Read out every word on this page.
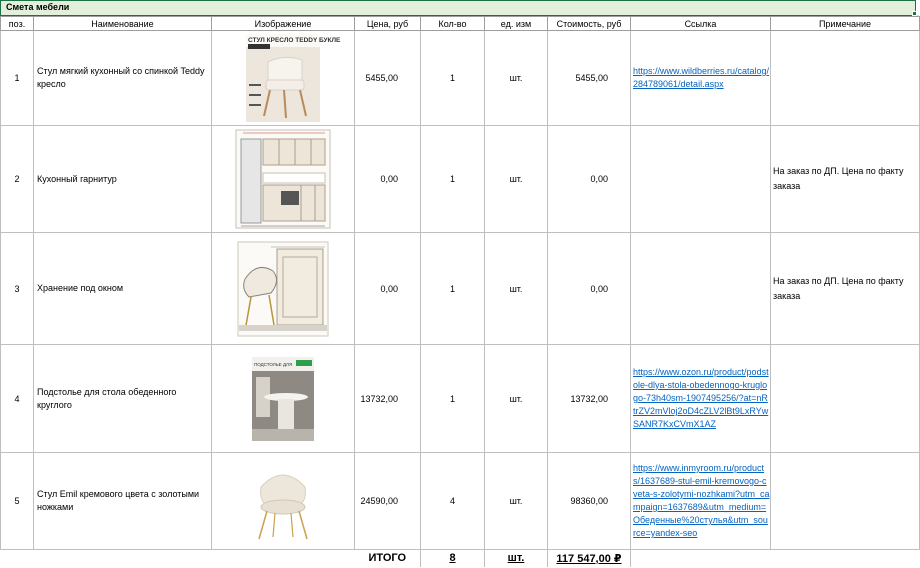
Смета мебели
поз.	Наименование	Изображение	Цена, руб	Кол-во	ед. изм	Стоимость, руб	Ссылка	Примечание
1	Стул мягкий кухонный со спинкой Teddy кресло	СТУЛ КРЕСЛО TEDDY БУКЛЕ	5455,00	1	шт.	5455,00	https://www.wildberries.ru/catalog/284789061/detail.aspx	
2	Кухонный гарнитур		0,00	1	шт.	0,00		На заказ по ДП. Цена по факту заказа
3	Хранение под окном		0,00	1	шт.	0,00		На заказ по ДП. Цена по факту заказа
4	Подстолье для стола обеденного круглого	ПОДСТОЛЬЕ ДЛЯ	13732,00	1	шт.	13732,00	https://www.ozon.ru/product/podstole-dlya-stola-obedennogo-kruglogo-73h40sm-1907495256/?at=nRtrZV2mVloj2oD4cZLV2lBt9LxRYwSANR7KxCVmX1AZ	
5	Стул Emil кремового цвета с золотыми ножками		24590,00	4	шт.	98360,00	https://www.inmyroom.ru/products/1637689-stul-emil-kremovogo-cveta-s-zolotymi-nozhkami?utm_campaign=1637689&utm_medium=Обеденные%20стулья&utm_source=yandex-seo	
			ИТОГО	8	шт.	117 547,00 ₽		
